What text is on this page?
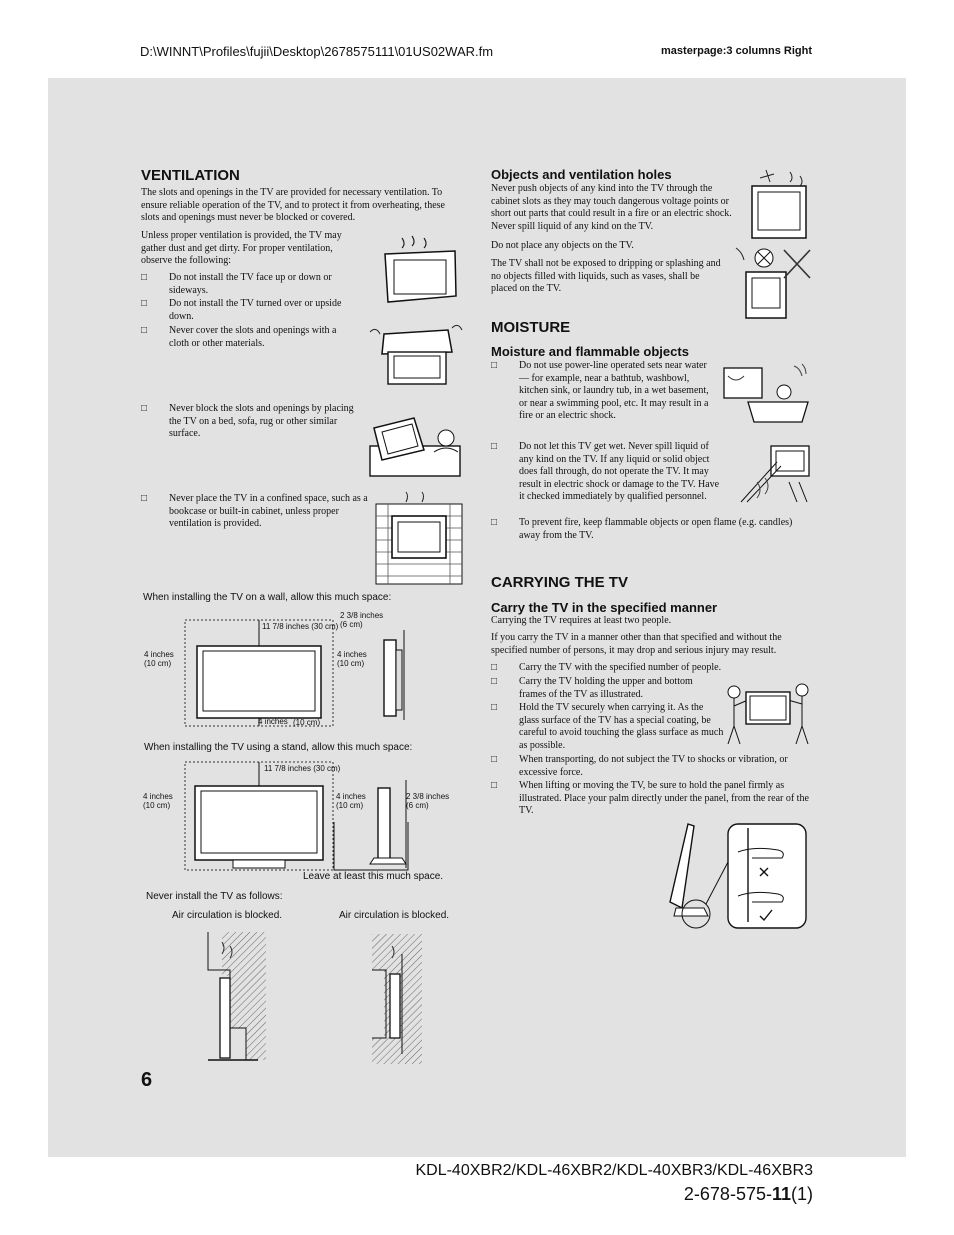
D:\WINNT\Profiles\fujii\Desktop\2678575111\01US02WAR.fm	masterpage:3 columns Right
VENTILATION
The slots and openings in the TV are provided for necessary ventilation. To ensure reliable operation of the TV, and to protect it from overheating, these slots and openings must never be blocked or covered.
Unless proper ventilation is provided, the TV may gather dust and get dirty. For proper ventilation, observe the following:
□ Do not install the TV face up or down or sideways.
□ Do not install the TV turned over or upside down.
□ Never cover the slots and openings with a cloth or other materials.
□ Never block the slots and openings by placing the TV on a bed, sofa, rug or other similar surface.
□ Never place the TV in a confined space, such as a bookcase or built-in cabinet, unless proper ventilation is provided.
When installing the TV on a wall, allow this much space:
11 7/8 inches (30 cm)
4 inches (10 cm)
4 inches (10 cm)
4 inches (10 cm)
2 3/8 inches (6 cm)
When installing the TV using a stand, allow this much space:
11 7/8 inches (30 cm)
4 inches (10 cm)
4 inches (10 cm)
2 3/8 inches (6 cm)
Leave at least this much space.
Never install the TV as follows:
Air circulation is blocked.	Air circulation is blocked.
6
Objects and ventilation holes
Never push objects of any kind into the TV through the cabinet slots as they may touch dangerous voltage points or short out parts that could result in a fire or an electric shock. Never spill liquid of any kind on the TV.
Do not place any objects on the TV.
The TV shall not be exposed to dripping or splashing and no objects filled with liquids, such as vases, shall be placed on the TV.
MOISTURE
Moisture and flammable objects
□ Do not use power-line operated sets near water — for example, near a bathtub, washbowl, kitchen sink, or laundry tub, in a wet basement, or near a swimming pool, etc. It may result in a fire or an electric shock.
□ Do not let this TV get wet. Never spill liquid of any kind on the TV. If any liquid or solid object does fall through, do not operate the TV. It may result in electric shock or damage to the TV. Have it checked immediately by qualified personnel.
□ To prevent fire, keep flammable objects or open flame (e.g. candles) away from the TV.
CARRYING THE TV
Carry the TV in the specified manner
Carrying the TV requires at least two people.
If you carry the TV in a manner other than that specified and without the specified number of persons, it may drop and serious injury may result.
□ Carry the TV with the specified number of people.
□ Carry the TV holding the upper and bottom frames of the TV as illustrated.
□ Hold the TV securely when carrying it. As the glass surface of the TV has a special coating, be careful to avoid touching the glass surface as much as possible.
□ When transporting, do not subject the TV to shocks or vibration, or excessive force.
□ When lifting or moving the TV, be sure to hold the panel firmly as illustrated. Place your palm directly under the panel, from the rear of the TV.
KDL-40XBR2/KDL-46XBR2/KDL-40XBR3/KDL-46XBR3
2-678-575-11(1)
